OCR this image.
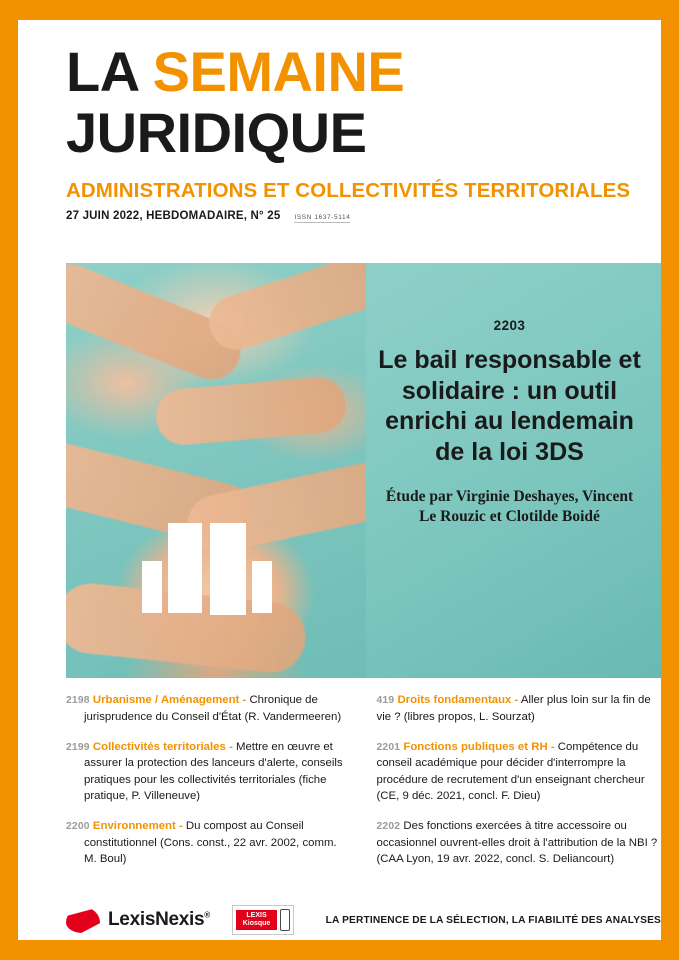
LA SEMAINE
JURIDIQUE
ADMINISTRATIONS ET COLLECTIVITÉS TERRITORIALES
27 JUIN 2022, HEBDOMADAIRE, N° 25 ISSN 1637-5114
2203
Le bail responsable et solidaire : un outil enrichi au lendemain de la loi 3DS
Étude par Virginie Deshayes, Vincent Le Rouzic et Clotilde Boidé
2198 Urbanisme / Aménagement - Chronique de jurisprudence du Conseil d'État (R. Vandermeeren)
2199 Collectivités territoriales - Mettre en œuvre et assurer la protection des lanceurs d'alerte, conseils pratiques pour les collectivités territoriales (fiche pratique, P. Villeneuve)
2200 Environnement - Du compost au Conseil constitutionnel (Cons. const., 22 avr. 2002, comm. M. Boul)
419 Droits fondamentaux - Aller plus loin sur la fin de vie ? (libres propos, L. Sourzat)
2201 Fonctions publiques et RH - Compétence du conseil académique pour décider d'interrompre la procédure de recrutement d'un enseignant chercheur (CE, 9 déc. 2021, concl. F. Dieu)
2202 Des fonctions exercées à titre accessoire ou occasionnel ouvrent-elles droit à l'attribution de la NBI ? (CAA Lyon, 19 avr. 2022, concl. S. Deliancourt)
LexisNexis®	LEXIS Kiosque	LA PERTINENCE DE LA SÉLECTION, LA FIABILITÉ DES ANALYSES
